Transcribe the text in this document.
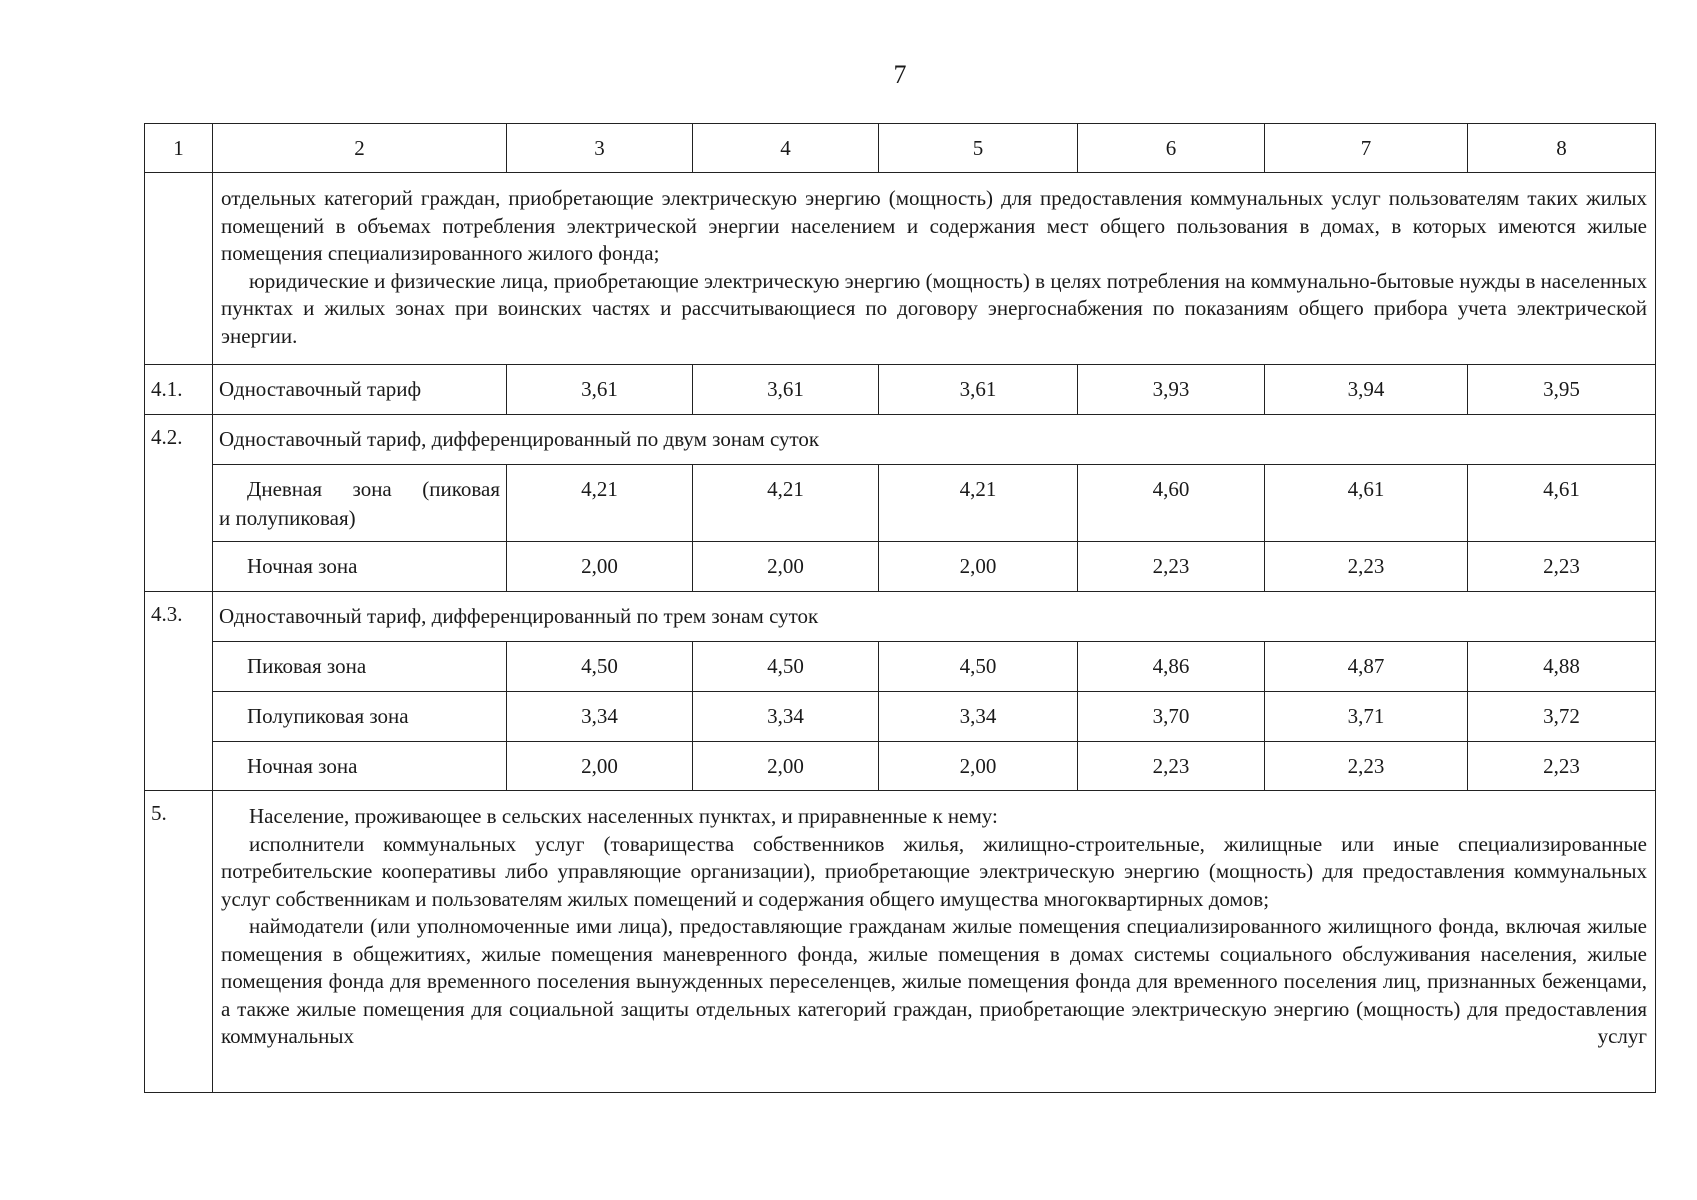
7
1	2	3	4	5	6	7	8

	отдельных категорий граждан, приобретающие электрическую энергию (мощность) для предоставления коммунальных услуг пользователям таких жилых помещений в объемах потребления электрической энергии населением и содержания мест общего пользования в домах, в которых имеются жилые помещения специализированного жилого фонда;

юридические и физические лица, приобретающие электрическую энергию (мощность) в целях потребления на коммунально-бытовые нужды в населенных пунктах и жилых зонах при воинских частях и рассчитывающиеся по договору энергоснабжения по показаниям общего прибора учета электрической энергии.						

4.1.	Одноставочный тариф	3,61	3,61	3,61	3,93	3,94	3,95
4.2.	Одноставочный тариф, дифференцированный по двум зонам суток						
	Дневная зона (пиковая
и полупиковая)	4,21	4,21	4,21	4,60	4,61	4,61
	Ночная зона	2,00	2,00	2,00	2,23	2,23	2,23
4.3.	Одноставочный тариф, дифференцированный по трем зонам суток						
	Пиковая зона	4,50	4,50	4,50	4,86	4,87	4,88
	Полупиковая зона	3,34	3,34	3,34	3,70	3,71	3,72
	Ночная зона	2,00	2,00	2,00	2,23	2,23	2,23
5.	Население, проживающее в сельских населенных пунктах, и приравненные к нему:

исполнители коммунальных услуг (товарищества собственников жилья, жилищно-строительные, жилищные или иные специализированные потребительские кооперативы либо управляющие организации), приобретающие электрическую энергию (мощность) для предоставления коммунальных услуг собственникам и пользователям жилых помещений и содержания общего имущества многоквартирных домов;

наймодатели (или уполномоченные ими лица), предоставляющие гражданам жилые помещения специализированного жилищного фонда, включая жилые помещения в общежитиях, жилые помещения маневренного фонда, жилые помещения в домах системы социального обслуживания населения, жилые помещения фонда для временного поселения вынужденных переселенцев, жилые помещения фонда для временного поселения лиц, признанных беженцами, а также жилые помещения для социальной защиты отдельных категорий граждан, приобретающие электрическую энергию (мощность) для предоставления коммунальных услуг						
